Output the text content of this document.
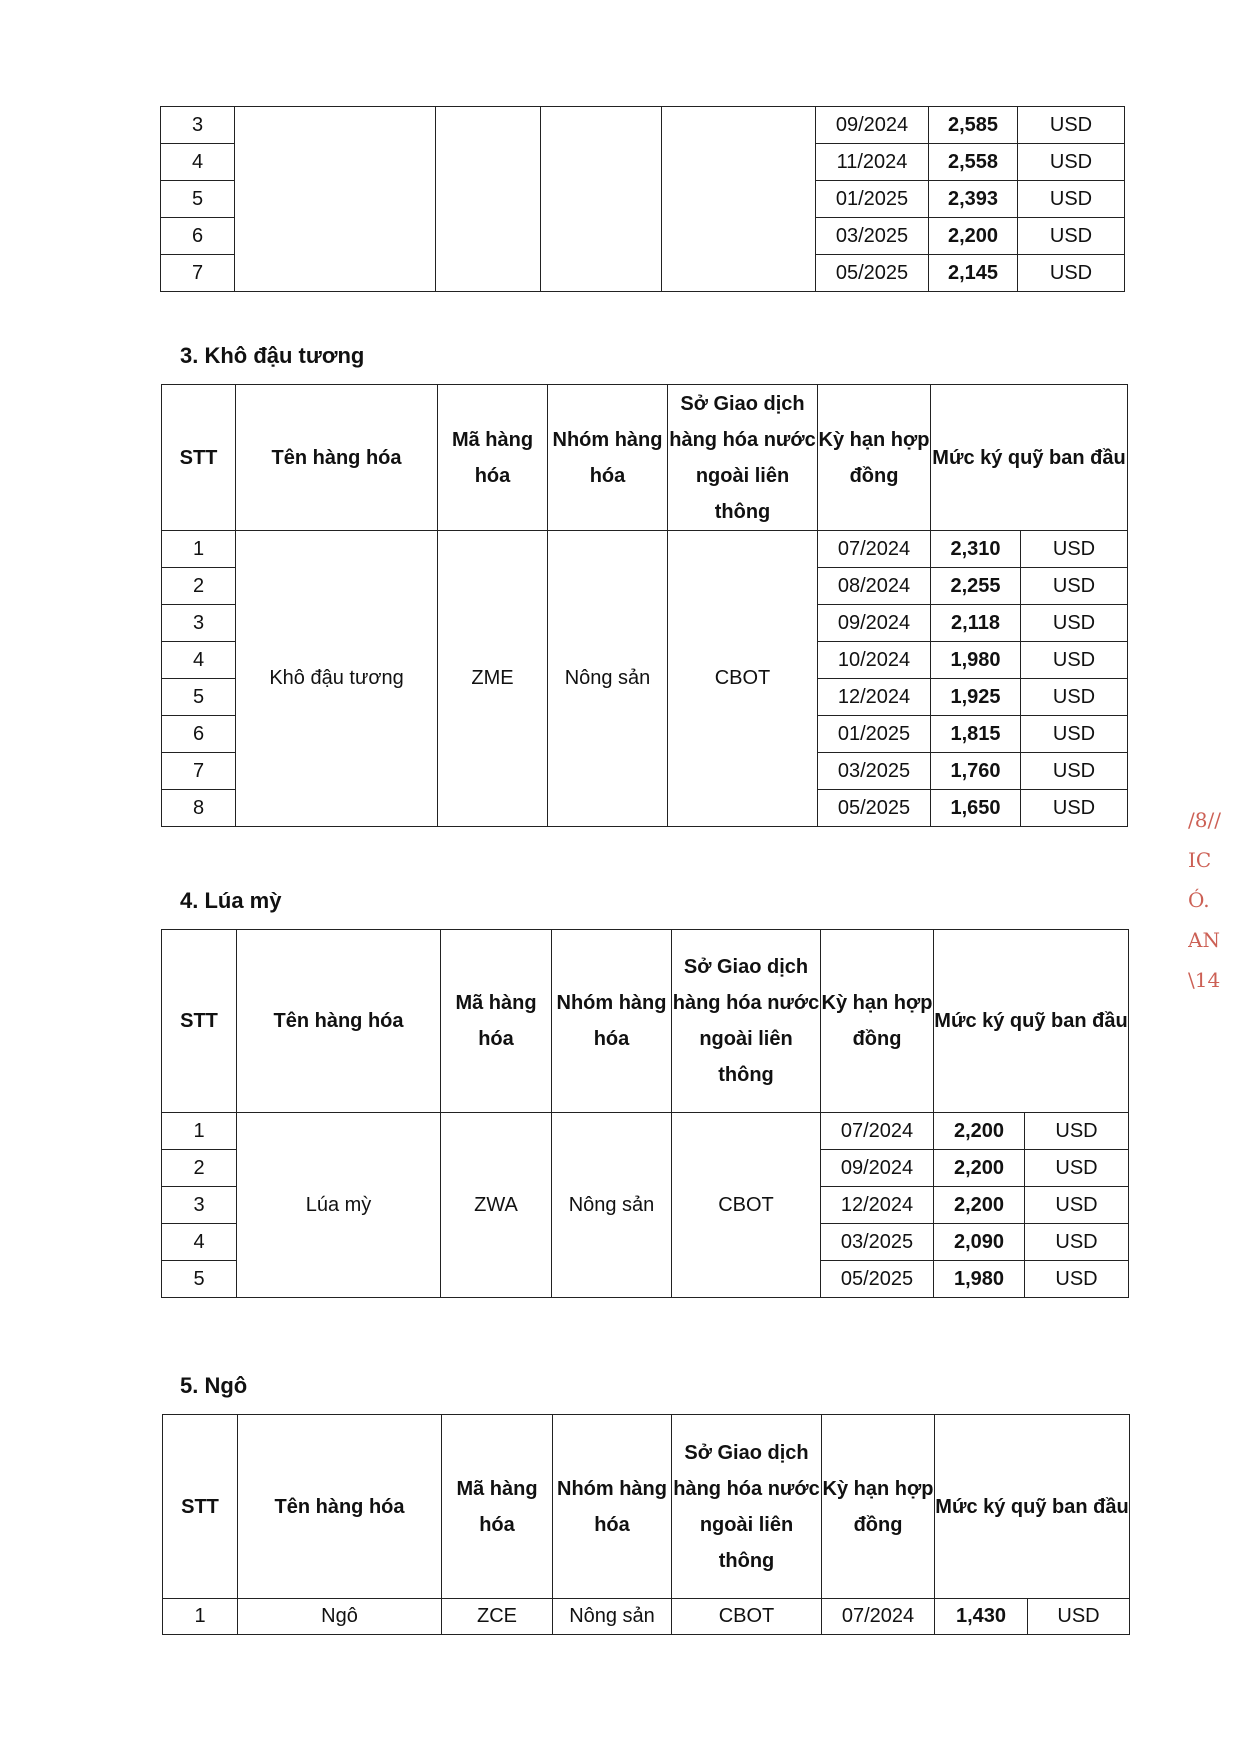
3					09/2024	2,585	USD
4					11/2024	2,558	USD
5					01/2025	2,393	USD
6					03/2025	2,200	USD
7					05/2025	2,145	USD

3. Khô đậu tương

STT	Tên hàng hóa	Mã hàng hóa	Nhóm hàng hóa	Sở Giao dịch hàng hóa nước ngoài liên thông	Kỳ hạn hợp đồng	Mức ký quỹ ban đầu	
1	Khô đậu tương	ZME	Nông sản	CBOT	07/2024	2,310	USD
2					08/2024	2,255	USD
3					09/2024	2,118	USD
4					10/2024	1,980	USD
5					12/2024	1,925	USD
6					01/2025	1,815	USD
7					03/2025	1,760	USD
8					05/2025	1,650	USD

4. Lúa mỳ

STT	Tên hàng hóa	Mã hàng hóa	Nhóm hàng hóa	Sở Giao dịch hàng hóa nước ngoài liên thông	Kỳ hạn hợp đồng	Mức ký quỹ ban đầu	
1	Lúa mỳ	ZWA	Nông sản	CBOT	07/2024	2,200	USD
2					09/2024	2,200	USD
3					12/2024	2,200	USD
4					03/2025	2,090	USD
5					05/2025	1,980	USD

5. Ngô

STT	Tên hàng hóa	Mã hàng hóa	Nhóm hàng hóa	Sở Giao dịch hàng hóa nước ngoài liên thông	Kỳ hạn hợp đồng	Mức ký quỹ ban đầu	
1	Ngô	ZCE	Nông sản	CBOT	07/2024	1,430	USD
/8//
IC
Ó.
AN
\14
